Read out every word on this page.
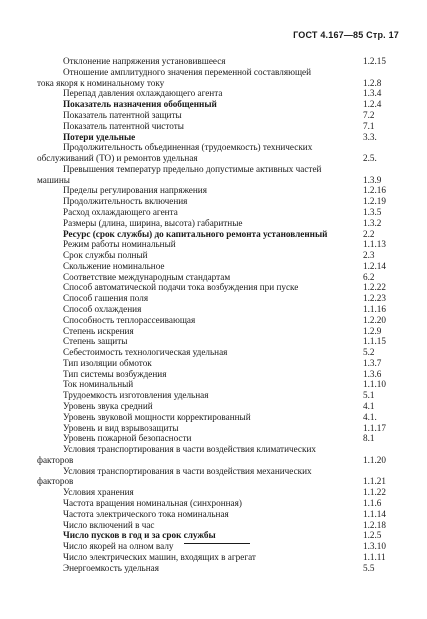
ГОСТ 4.167—85 Стр. 17
Отклонение напряжения установившееся	1.2.15
Отношение амплитудного значения переменной составляющей
тока якоря к номинальному току	1.2.8
Перепад давления охлаждающего агента	1.3.4
Показатель назначения обобщенный	1.2.4
Показатель патентной защиты	7.2
Показатель патентной чистоты	7.1
Потери удельные	3.3.
Продолжительность объединенная (трудоемкость) технических
обслуживаний (ТО) и ремонтов удельная	2.5.
Превышения температур предельно допустимые активных частей
машины	1.3.9
Пределы регулирования напряжения	1.2.16
Продолжительность включения	1.2.19
Расход охлаждающего агента	1.3.5
Размеры (длина, ширина, высота) габаритные	1.3.2
Ресурс (срок службы) до капитального ремонта установленный	2.2
Режим работы номинальный	1.1.13
Срок службы полный	2.3
Скольжение номинальное	1.2.14
Соответствие международным стандартам	6.2
Способ автоматической подачи тока возбуждения при пуске	1.2.22
Способ гашения поля	1.2.23
Способ охлаждения	1.1.16
Способность теплорассеивающая	1.2.20
Степень искрения	1.2.9
Степень защиты	1.1.15
Себестоимость технологическая удельная	5.2
Тип изоляции обмоток	1.3.7
Тип системы возбуждения	1.3.6
Ток номинальный	1.1.10
Трудоемкость изготовления удельная	5.1
Уровень звука средний	4.1
Уровень звуковой мощности корректированный	4.1.
Уровень и вид взрывозащиты	1.1.17
Уровень пожарной безопасности	8.1
Условия транспортирования в части воздействия климатических
факторов	1.1.20
Условия транспортирования в части воздействия механических
факторов	1.1.21
Условия хранения	1.1.22
Частота вращения номинальная (синхронная)	1.1.6
Частота электрического тока номинальная	1.1.14
Число включений в час	1.2.18
Число пусков в год и за срок службы	1.2.5
Число якорей на олном валу	1.3.10
Число электрических машин, входящих в агрегат	1.1.11
Энергоемкость удельная	5.5
